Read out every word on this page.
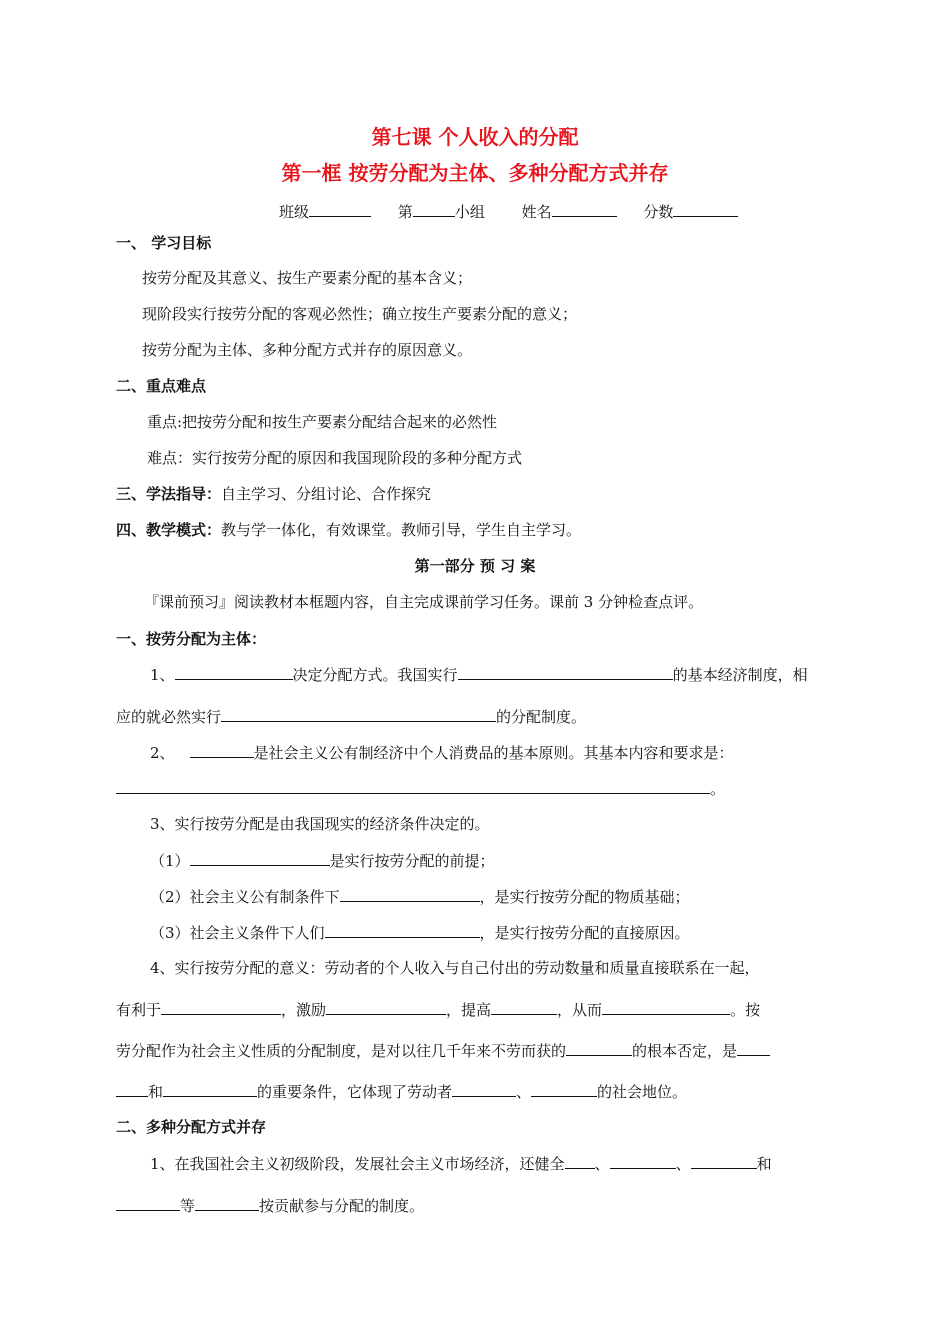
第七课 个人收入的分配
第一框 按劳分配为主体、多种分配方式并存
班级	第	小组 姓名	分数
一、 学习目标
按劳分配及其意义、按生产要素分配的基本含义；
现阶段实行按劳分配的客观必然性；确立按生产要素分配的意义；
按劳分配为主体、多种分配方式并存的原因意义。
二、重点难点
重点:把按劳分配和按生产要素分配结合起来的必然性
难点：实行按劳分配的原因和我国现阶段的多种分配方式
三、学法指导：自主学习、分组讨论、合作探究
四、教学模式：教与学一体化，有效课堂。教师引导，学生自主学习。
第一部分 预 习 案
『课前预习』阅读教材本框题内容，自主完成课前学习任务。课前 3 分钟检查点评。
一、按劳分配为主体：
1、	决定分配方式。我国实行	的基本经济制度，相
应的就必然实行	的分配制度。
2、	是社会主义公有制经济中个人消费品的基本原则。其基本内容和要求是：
。
3、实行按劳分配是由我国现实的经济条件决定的。
（1）	是实行按劳分配的前提；
（2）社会主义公有制条件下	，是实行按劳分配的物质基础；
（3）社会主义条件下人们	，是实行按劳分配的直接原因。
4、实行按劳分配的意义：劳动者的个人收入与自己付出的劳动数量和质量直接联系在一起，
有利于	，激励	，提高	，从而	。按
劳分配作为社会主义性质的分配制度，是对以往几千年来不劳而获的	的根本否定，是
和	的重要条件，它体现了劳动者	、	的社会地位。
二、多种分配方式并存
1、在我国社会主义初级阶段，发展社会主义市场经济，还健全 、	、	和
等	按贡献参与分配的制度。
